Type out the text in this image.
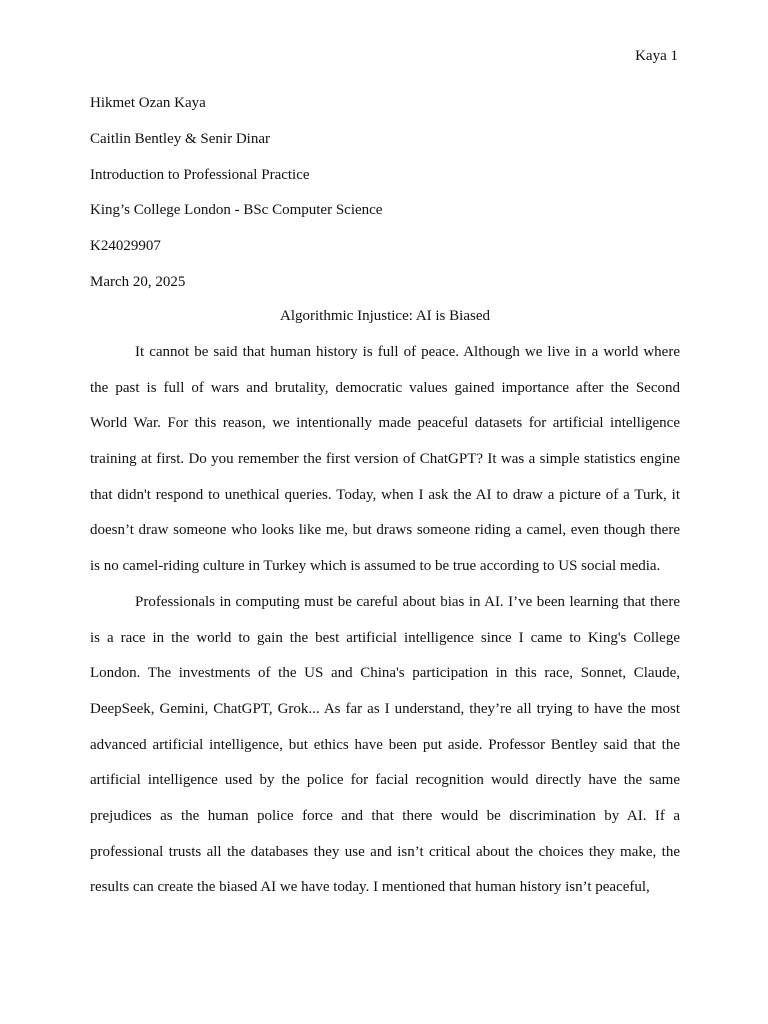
Kaya 1
Hikmet Ozan Kaya
Caitlin Bentley & Senir Dinar
Introduction to Professional Practice
King’s College London - BSc Computer Science
K24029907
March 20, 2025
Algorithmic Injustice: AI is Biased
It cannot be said that human history is full of peace. Although we live in a world where
the past is full of wars and brutality, democratic values gained importance after the Second
World War. For this reason, we intentionally made peaceful datasets for artificial intelligence
training at first. Do you remember the first version of ChatGPT? It was a simple statistics engine
that didn't respond to unethical queries. Today, when I ask the AI to draw a picture of a Turk, it
doesn’t draw someone who looks like me, but draws someone riding a camel, even though there
is no camel-riding culture in Turkey which is assumed to be true according to US social media.
Professionals in computing must be careful about bias in AI. I’ve been learning that there
is a race in the world to gain the best artificial intelligence since I came to King's College
London. The investments of the US and China's participation in this race, Sonnet, Claude,
DeepSeek, Gemini, ChatGPT, Grok... As far as I understand, they’re all trying to have the most
advanced artificial intelligence, but ethics have been put aside. Professor Bentley said that the
artificial intelligence used by the police for facial recognition would directly have the same
prejudices as the human police force and that there would be discrimination by AI. If a
professional trusts all the databases they use and isn’t critical about the choices they make, the
results can create the biased AI we have today. I mentioned that human history isn’t peaceful,
